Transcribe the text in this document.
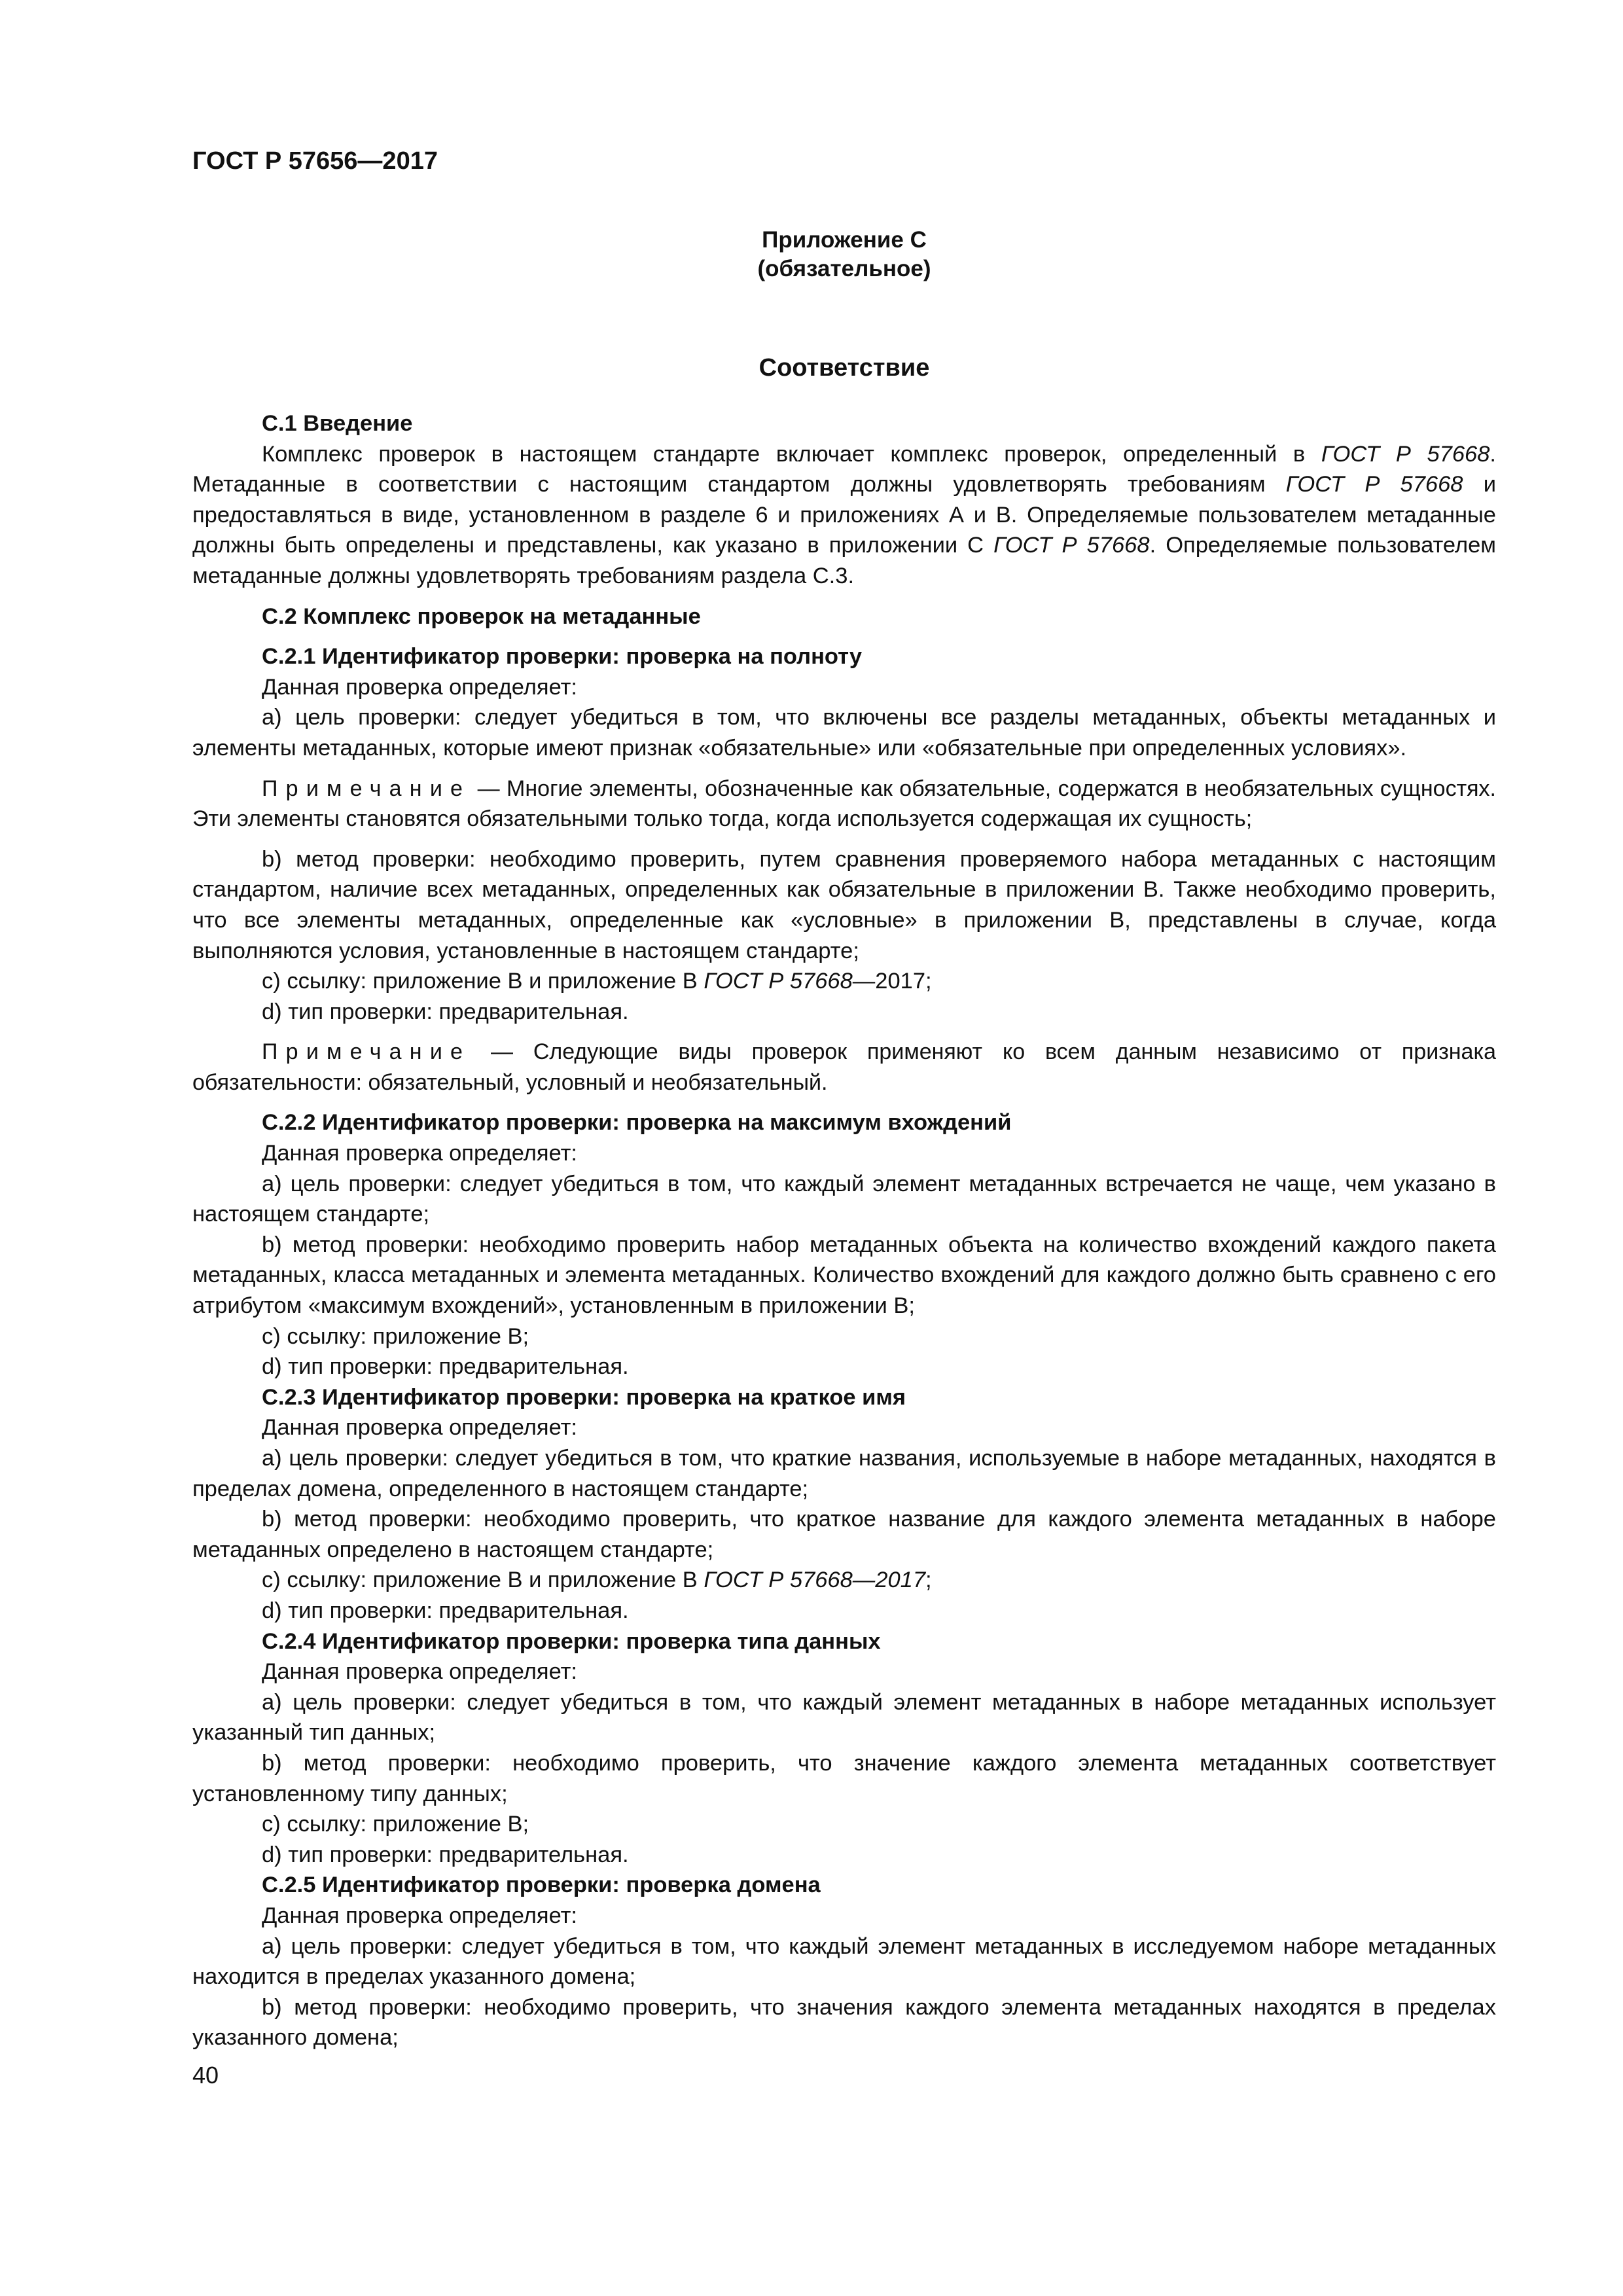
ГОСТ Р 57656—2017
Приложение С
(обязательное)
Соответствие

С.1 Введение

Комплекс проверок в настоящем стандарте включает комплекс проверок, определенный в ГОСТ Р 57668. Метаданные в соответствии с настоящим стандартом должны удовлетворять требованиям ГОСТ Р 57668 и предоставляться в виде, установленном в разделе 6 и приложениях А и В. Определяемые пользователем метаданные должны быть определены и представлены, как указано в приложении С ГОСТ Р 57668. Определяемые пользователем метаданные должны удовлетворять требованиям раздела С.3.

С.2 Комплекс проверок на метаданные

С.2.1 Идентификатор проверки: проверка на полноту

Данная проверка определяет:

а) цель проверки: следует убедиться в том, что включены все разделы метаданных, объекты метаданных и элементы метаданных, которые имеют признак «обязательные» или «обязательные при определенных условиях».

Примечание — Многие элементы, обозначенные как обязательные, содержатся в необязательных сущностях. Эти элементы становятся обязательными только тогда, когда используется содержащая их сущность;

b) метод проверки: необходимо проверить, путем сравнения проверяемого набора метаданных с настоящим стандартом, наличие всех метаданных, определенных как обязательные в приложении В. Также необходимо проверить, что все элементы метаданных, определенные как «условные» в приложении В, представлены в случае, когда выполняются условия, установленные в настоящем стандарте;

с) ссылку: приложение В и приложение В ГОСТ Р 57668—2017;

d) тип проверки: предварительная.

Примечание — Следующие виды проверок применяют ко всем данным независимо от признака обязательности: обязательный, условный и необязательный.

С.2.2 Идентификатор проверки: проверка на максимум вхождений

Данная проверка определяет:

а) цель проверки: следует убедиться в том, что каждый элемент метаданных встречается не чаще, чем указано в настоящем стандарте;

b) метод проверки: необходимо проверить набор метаданных объекта на количество вхождений каждого пакета метаданных, класса метаданных и элемента метаданных. Количество вхождений для каждого должно быть сравнено с его атрибутом «максимум вхождений», установленным в приложении В;

с) ссылку: приложение В;

d) тип проверки: предварительная.

С.2.3 Идентификатор проверки: проверка на краткое имя

Данная проверка определяет:

а) цель проверки: следует убедиться в том, что краткие названия, используемые в наборе метаданных, находятся в пределах домена, определенного в настоящем стандарте;

b) метод проверки: необходимо проверить, что краткое название для каждого элемента метаданных в наборе метаданных определено в настоящем стандарте;

с) ссылку: приложение В и приложение В ГОСТ Р 57668—2017;

d) тип проверки: предварительная.

С.2.4 Идентификатор проверки: проверка типа данных

Данная проверка определяет:

а) цель проверки: следует убедиться в том, что каждый элемент метаданных в наборе метаданных использует указанный тип данных;

b) метод проверки: необходимо проверить, что значение каждого элемента метаданных соответствует установленному типу данных;

с) ссылку: приложение В;

d) тип проверки: предварительная.

С.2.5 Идентификатор проверки: проверка домена

Данная проверка определяет:

а) цель проверки: следует убедиться в том, что каждый элемент метаданных в исследуемом наборе метаданных находится в пределах указанного домена;

b) метод проверки: необходимо проверить, что значения каждого элемента метаданных находятся в пределах указанного домена;

40
